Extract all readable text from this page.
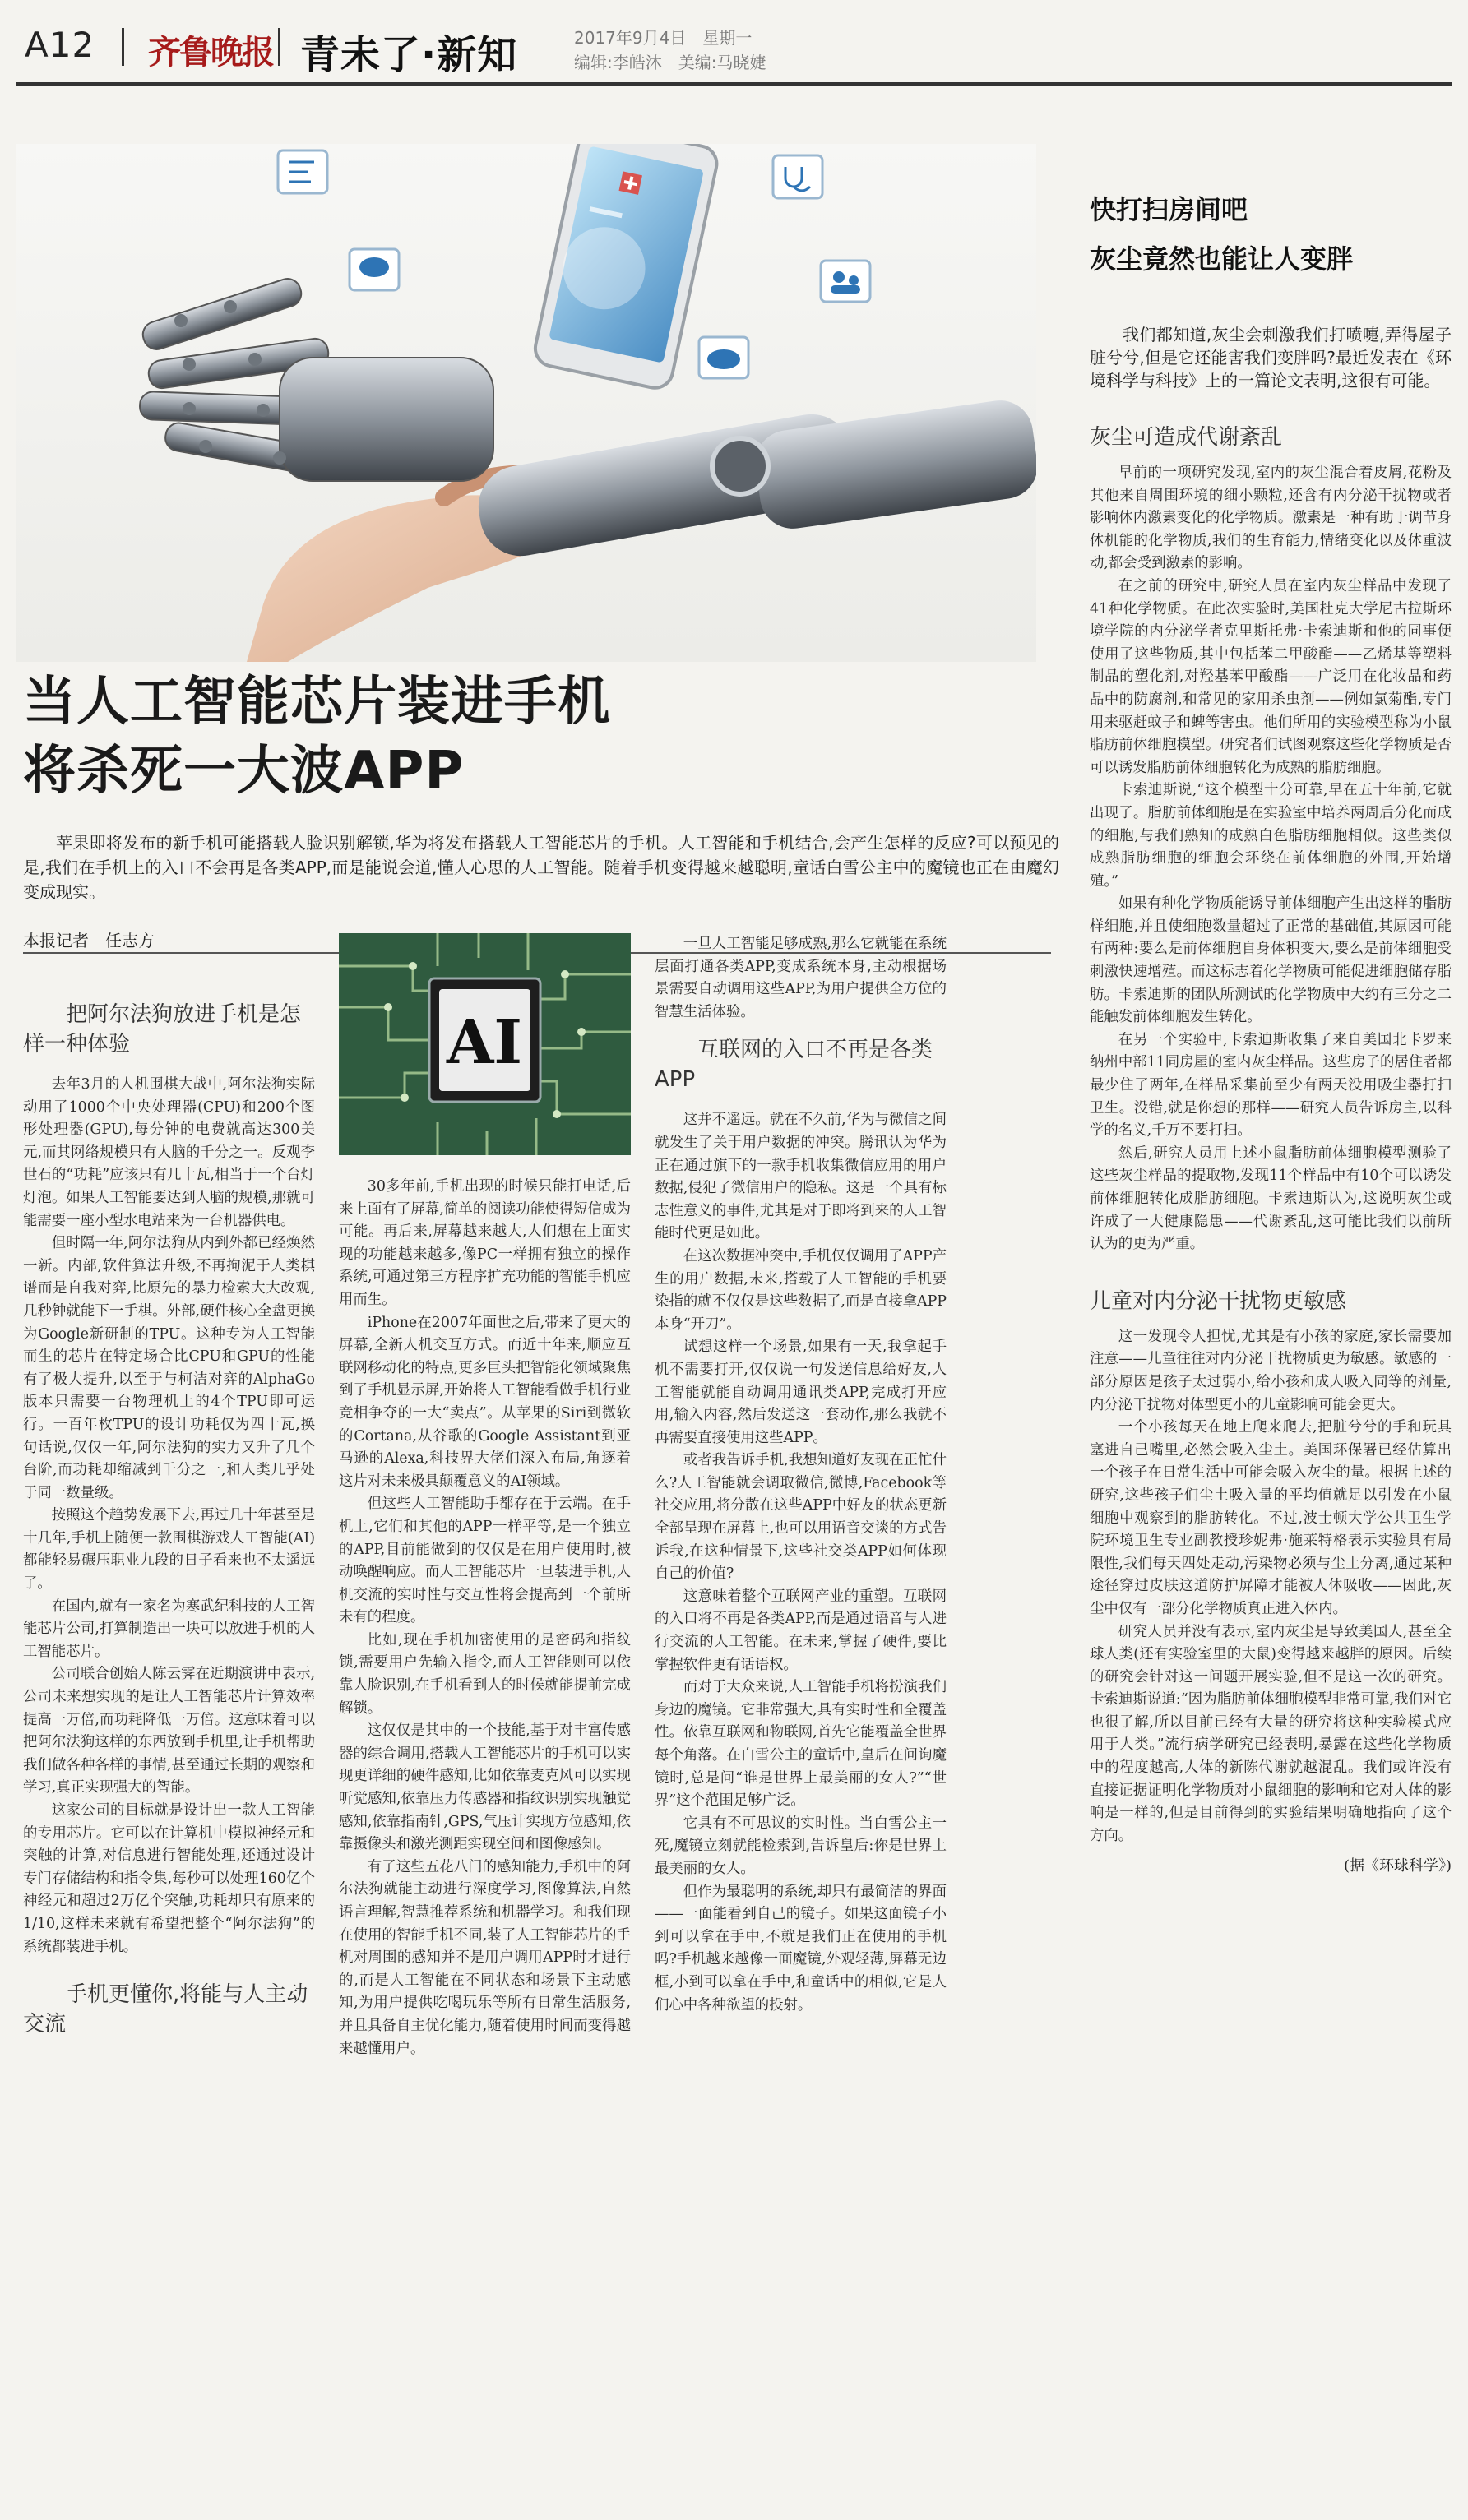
A12 齐鲁晚报 青未了·新知	2017年9月4日　星期一
编辑:李皓沐　美编:马晓婕
当人工智能芯片装进手机
将杀死一大波APP

苹果即将发布的新手机可能搭载人脸识别解锁,华为将发布搭载人工智能芯片的手机。人工智能和手机结合,会产生怎样的反应?可以预见的是,我们在手机上的入口不会再是各类APP,而是能说会道,懂人心思的人工智能。随着手机变得越来越聪明,童话白雪公主中的魔镜也正在由魔幻变成现实。

本报记者　任志方
把阿尔法狗放进手机是怎样一种体验

去年3月的人机围棋大战中,阿尔法狗实际动用了1000个中央处理器(CPU)和200个图形处理器(GPU),每分钟的电费就高达300美元,而其网络规模只有人脑的千分之一。反观李世石的“功耗”应该只有几十瓦,相当于一个台灯灯泡。如果人工智能要达到人脑的规模,那就可能需要一座小型水电站来为一台机器供电。

但时隔一年,阿尔法狗从内到外都已经焕然一新。内部,软件算法升级,不再拘泥于人类棋谱而是自我对弈,比原先的暴力检索大大改观,几秒钟就能下一手棋。外部,硬件核心全盘更换为Google新研制的TPU。这种专为人工智能而生的芯片在特定场合比CPU和GPU的性能有了极大提升,以至于与柯洁对弈的AlphaGo版本只需要一台物理机上的4个TPU即可运行。一百年枚TPU的设计功耗仅为四十瓦,换句话说,仅仅一年,阿尔法狗的实力又升了几个台阶,而功耗却缩减到千分之一,和人类几乎处于同一数量级。

按照这个趋势发展下去,再过几十年甚至是十几年,手机上随便一款围棋游戏人工智能(AI)都能轻易碾压职业九段的日子看来也不太遥远了。

在国内,就有一家名为寒武纪科技的人工智能芯片公司,打算制造出一块可以放进手机的人工智能芯片。

公司联合创始人陈云霁在近期演讲中表示,公司未来想实现的是让人工智能芯片计算效率提高一万倍,而功耗降低一万倍。这意味着可以把阿尔法狗这样的东西放到手机里,让手机帮助我们做各种各样的事情,甚至通过长期的观察和学习,真正实现强大的智能。

这家公司的目标就是设计出一款人工智能的专用芯片。它可以在计算机中模拟神经元和突触的计算,对信息进行智能处理,还通过设计专门存储结构和指令集,每秒可以处理160亿个神经元和超过2万亿个突触,功耗却只有原来的1/10,这样未来就有希望把整个“阿尔法狗”的系统都装进手机。

手机更懂你,将能与人主动交流
AI

30多年前,手机出现的时候只能打电话,后来上面有了屏幕,简单的阅读功能使得短信成为可能。再后来,屏幕越来越大,人们想在上面实现的功能越来越多,像PC一样拥有独立的操作系统,可通过第三方程序扩充功能的智能手机应用而生。

iPhone在2007年面世之后,带来了更大的屏幕,全新人机交互方式。而近十年来,顺应互联网移动化的特点,更多巨头把智能化领域聚焦到了手机显示屏,开始将人工智能看做手机行业竞相争夺的一大“卖点”。从苹果的Siri到微软的Cortana,从谷歌的Google Assistant到亚马逊的Alexa,科技界大佬们深入布局,角逐着这片对未来极具颠覆意义的AI领域。

但这些人工智能助手都存在于云端。在手机上,它们和其他的APP一样平等,是一个独立的APP,目前能做到的仅仅是在用户使用时,被动唤醒响应。而人工智能芯片一旦装进手机,人机交流的实时性与交互性将会提高到一个前所未有的程度。

比如,现在手机加密使用的是密码和指纹锁,需要用户先输入指令,而人工智能则可以依靠人脸识别,在手机看到人的时候就能提前完成解锁。

这仅仅是其中的一个技能,基于对丰富传感器的综合调用,搭载人工智能芯片的手机可以实现更详细的硬件感知,比如依靠麦克风可以实现听觉感知,依靠压力传感器和指纹识别实现触觉感知,依靠指南针,GPS,气压计实现方位感知,依靠摄像头和激光测距实现空间和图像感知。

有了这些五花八门的感知能力,手机中的阿尔法狗就能主动进行深度学习,图像算法,自然语言理解,智慧推荐系统和机器学习。和我们现在使用的智能手机不同,装了人工智能芯片的手机对周围的感知并不是用户调用APP时才进行的,而是人工智能在不同状态和场景下主动感知,为用户提供吃喝玩乐等所有日常生活服务,并且具备自主优化能力,随着使用时间而变得越来越懂用户。

一旦人工智能足够成熟,那么它就能在系统层面打通各类APP,变成系统本身,主动根据场景需要自动调用这些APP,为用户提供全方位的智慧生活体验。

互联网的入口不再是各类APP

这并不遥远。就在不久前,华为与微信之间就发生了关于用户数据的冲突。腾讯认为华为正在通过旗下的一款手机收集微信应用的用户数据,侵犯了微信用户的隐私。这是一个具有标志性意义的事件,尤其是对于即将到来的人工智能时代更是如此。

在这次数据冲突中,手机仅仅调用了APP产生的用户数据,未来,搭载了人工智能的手机要染指的就不仅仅是这些数据了,而是直接拿APP本身“开刀”。

试想这样一个场景,如果有一天,我拿起手机不需要打开,仅仅说一句发送信息给好友,人工智能就能自动调用通讯类APP,完成打开应用,输入内容,然后发送这一套动作,那么我就不再需要直接使用这些APP。

或者我告诉手机,我想知道好友现在正忙什么?人工智能就会调取微信,微博,Facebook等社交应用,将分散在这些APP中好友的状态更新全部呈现在屏幕上,也可以用语音交谈的方式告诉我,在这种情景下,这些社交类APP如何体现自己的价值?

这意味着整个互联网产业的重塑。互联网的入口将不再是各类APP,而是通过语音与人进行交流的人工智能。在未来,掌握了硬件,要比掌握软件更有话语权。

而对于大众来说,人工智能手机将扮演我们身边的魔镜。它非常强大,具有实时性和全覆盖性。依靠互联网和物联网,首先它能覆盖全世界每个角落。在白雪公主的童话中,皇后在问询魔镜时,总是问“谁是世界上最美丽的女人?”“世界”这个范围足够广泛。

它具有不可思议的实时性。当白雪公主一死,魔镜立刻就能检索到,告诉皇后:你是世界上最美丽的女人。

但作为最聪明的系统,却只有最简洁的界面——一面能看到自己的镜子。如果这面镜子小到可以拿在手中,不就是我们正在使用的手机吗?手机越来越像一面魔镜,外观轻薄,屏幕无边框,小到可以拿在手中,和童话中的相似,它是人们心中各种欲望的投射。

快打扫房间吧
灰尘竟然也能让人变胖

我们都知道,灰尘会刺激我们打喷嚏,弄得屋子脏兮兮,但是它还能害我们变胖吗?最近发表在《环境科学与科技》上的一篇论文表明,这很有可能。

灰尘可造成代谢紊乱

早前的一项研究发现,室内的灰尘混合着皮屑,花粉及其他来自周围环境的细小颗粒,还含有内分泌干扰物或者影响体内激素变化的化学物质。激素是一种有助于调节身体机能的化学物质,我们的生育能力,情绪变化以及体重波动,都会受到激素的影响。

在之前的研究中,研究人员在室内灰尘样品中发现了41种化学物质。在此次实验时,美国杜克大学尼古拉斯环境学院的内分泌学者克里斯托弗·卡索迪斯和他的同事便使用了这些物质,其中包括苯二甲酸酯——乙烯基等塑料制品的塑化剂,对羟基苯甲酸酯——广泛用在化妆品和药品中的防腐剂,和常见的家用杀虫剂——例如氯菊酯,专门用来驱赶蚊子和蜱等害虫。他们所用的实验模型称为小鼠脂肪前体细胞模型。研究者们试图观察这些化学物质是否可以诱发脂肪前体细胞转化为成熟的脂肪细胞。

卡索迪斯说,“这个模型十分可靠,早在五十年前,它就出现了。脂肪前体细胞是在实验室中培养两周后分化而成的细胞,与我们熟知的成熟白色脂肪细胞相似。这些类似成熟脂肪细胞的细胞会环绕在前体细胞的外围,开始增殖。”

如果有种化学物质能诱导前体细胞产生出这样的脂肪样细胞,并且使细胞数量超过了正常的基础值,其原因可能有两种:要么是前体细胞自身体积变大,要么是前体细胞受刺激快速增殖。而这标志着化学物质可能促进细胞储存脂肪。卡索迪斯的团队所测试的化学物质中大约有三分之二能触发前体细胞发生转化。

在另一个实验中,卡索迪斯收集了来自美国北卡罗来纳州中部11同房屋的室内灰尘样品。这些房子的居住者都最少住了两年,在样品采集前至少有两天没用吸尘器打扫卫生。没错,就是你想的那样——研究人员告诉房主,以科学的名义,千万不要打扫。

然后,研究人员用上述小鼠脂肪前体细胞模型测验了这些灰尘样品的提取物,发现11个样品中有10个可以诱发前体细胞转化成脂肪细胞。卡索迪斯认为,这说明灰尘或许成了一大健康隐患——代谢紊乱,这可能比我们以前所认为的更为严重。

儿童对内分泌干扰物更敏感

这一发现令人担忧,尤其是有小孩的家庭,家长需要加注意——儿童往往对内分泌干扰物质更为敏感。敏感的一部分原因是孩子太过弱小,给小孩和成人吸入同等的剂量,内分泌干扰物对体型更小的儿童影响可能会更大。

一个小孩每天在地上爬来爬去,把脏兮兮的手和玩具塞进自己嘴里,必然会吸入尘土。美国环保署已经估算出一个孩子在日常生活中可能会吸入灰尘的量。根据上述的研究,这些孩子们尘土吸入量的平均值就足以引发在小鼠细胞中观察到的脂肪转化。不过,波士顿大学公共卫生学院环境卫生专业副教授珍妮弗·施莱特格表示实验具有局限性,我们每天四处走动,污染物必须与尘土分离,通过某种途径穿过皮肤这道防护屏障才能被人体吸收——因此,灰尘中仅有一部分化学物质真正进入体内。

研究人员并没有表示,室内灰尘是导致美国人,甚至全球人类(还有实验室里的大鼠)变得越来越胖的原因。后续的研究会针对这一问题开展实验,但不是这一次的研究。卡索迪斯说道:“因为脂肪前体细胞模型非常可靠,我们对它也很了解,所以目前已经有大量的研究将这种实验模式应用于人类。”流行病学研究已经表明,暴露在这些化学物质中的程度越高,人体的新陈代谢就越混乱。我们或许没有直接证据证明化学物质对小鼠细胞的影响和它对人体的影响是一样的,但是目前得到的实验结果明确地指向了这个方向。

(据《环球科学》)
